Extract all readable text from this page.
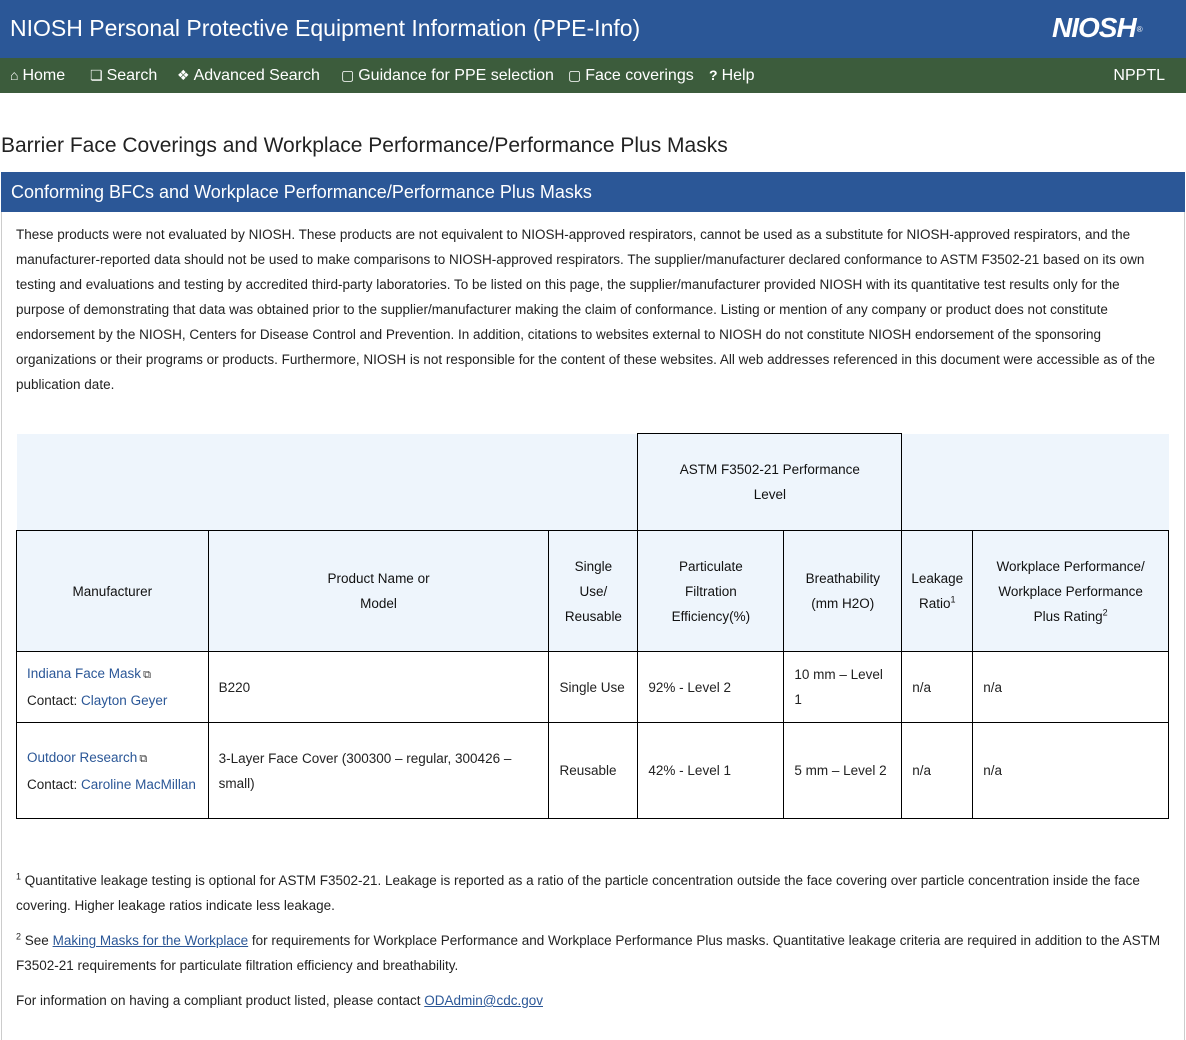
NIOSH Personal Protective Equipment Information (PPE-Info)	NIOSH®
⌂ Home ❏ Search ❖ Advanced Search ▢ Guidance for PPE selection ▢ Face coverings ? Help	NPPTL
Barrier Face Coverings and Workplace Performance/Performance Plus Masks
Conforming BFCs and Workplace Performance/Performance Plus Masks

These products were not evaluated by NIOSH. These products are not equivalent to NIOSH-approved respirators, cannot be used as a substitute for NIOSH-approved respirators, and the manufacturer-reported data should not be used to make comparisons to NIOSH-approved respirators. The supplier/manufacturer declared conformance to ASTM F3502-21 based on its own testing and evaluations and testing by accredited third-party laboratories. To be listed on this page, the supplier/manufacturer provided NIOSH with its quantitative test results only for the purpose of demonstrating that data was obtained prior to the supplier/manufacturer making the claim of conformance. Listing or mention of any company or product does not constitute endorsement by the NIOSH, Centers for Disease Control and Prevention. In addition, citations to websites external to NIOSH do not constitute NIOSH endorsement of the sponsoring organizations or their programs or products. Furthermore, NIOSH is not responsible for the content of these websites. All web addresses referenced in this document were accessible as of the publication date.

			ASTM F3502-21 Performance Level			
Manufacturer	Product Name or Model	Single Use/ Reusable	Particulate Filtration Efficiency(%)	Breathability (mm H2O)	Leakage Ratio$^1$	Workplace Performance/ Workplace Performance Plus Rating$^2$
Indiana Face Mask ⧉
Contact: Clayton Geyer	B220	Single Use	92% - Level 2	10 mm – Level 1	n/a	n/a
Outdoor Research ⧉
Contact: Caroline MacMillan	3-Layer Face Cover (300300 – regular, 300426 – small)	Reusable	42% - Level 1	5 mm – Level 2	n/a	n/a

$^1$ Quantitative leakage testing is optional for ASTM F3502-21. Leakage is reported as a ratio of the particle concentration outside the face covering over particle concentration inside the face covering. Higher leakage ratios indicate less leakage.

$^2$ See Making Masks for the Workplace for requirements for Workplace Performance and Workplace Performance Plus masks. Quantitative leakage criteria are required in addition to the ASTM F3502-21 requirements for particulate filtration efficiency and breathability.

For information on having a compliant product listed, please contact ODAdmin@cdc.gov
